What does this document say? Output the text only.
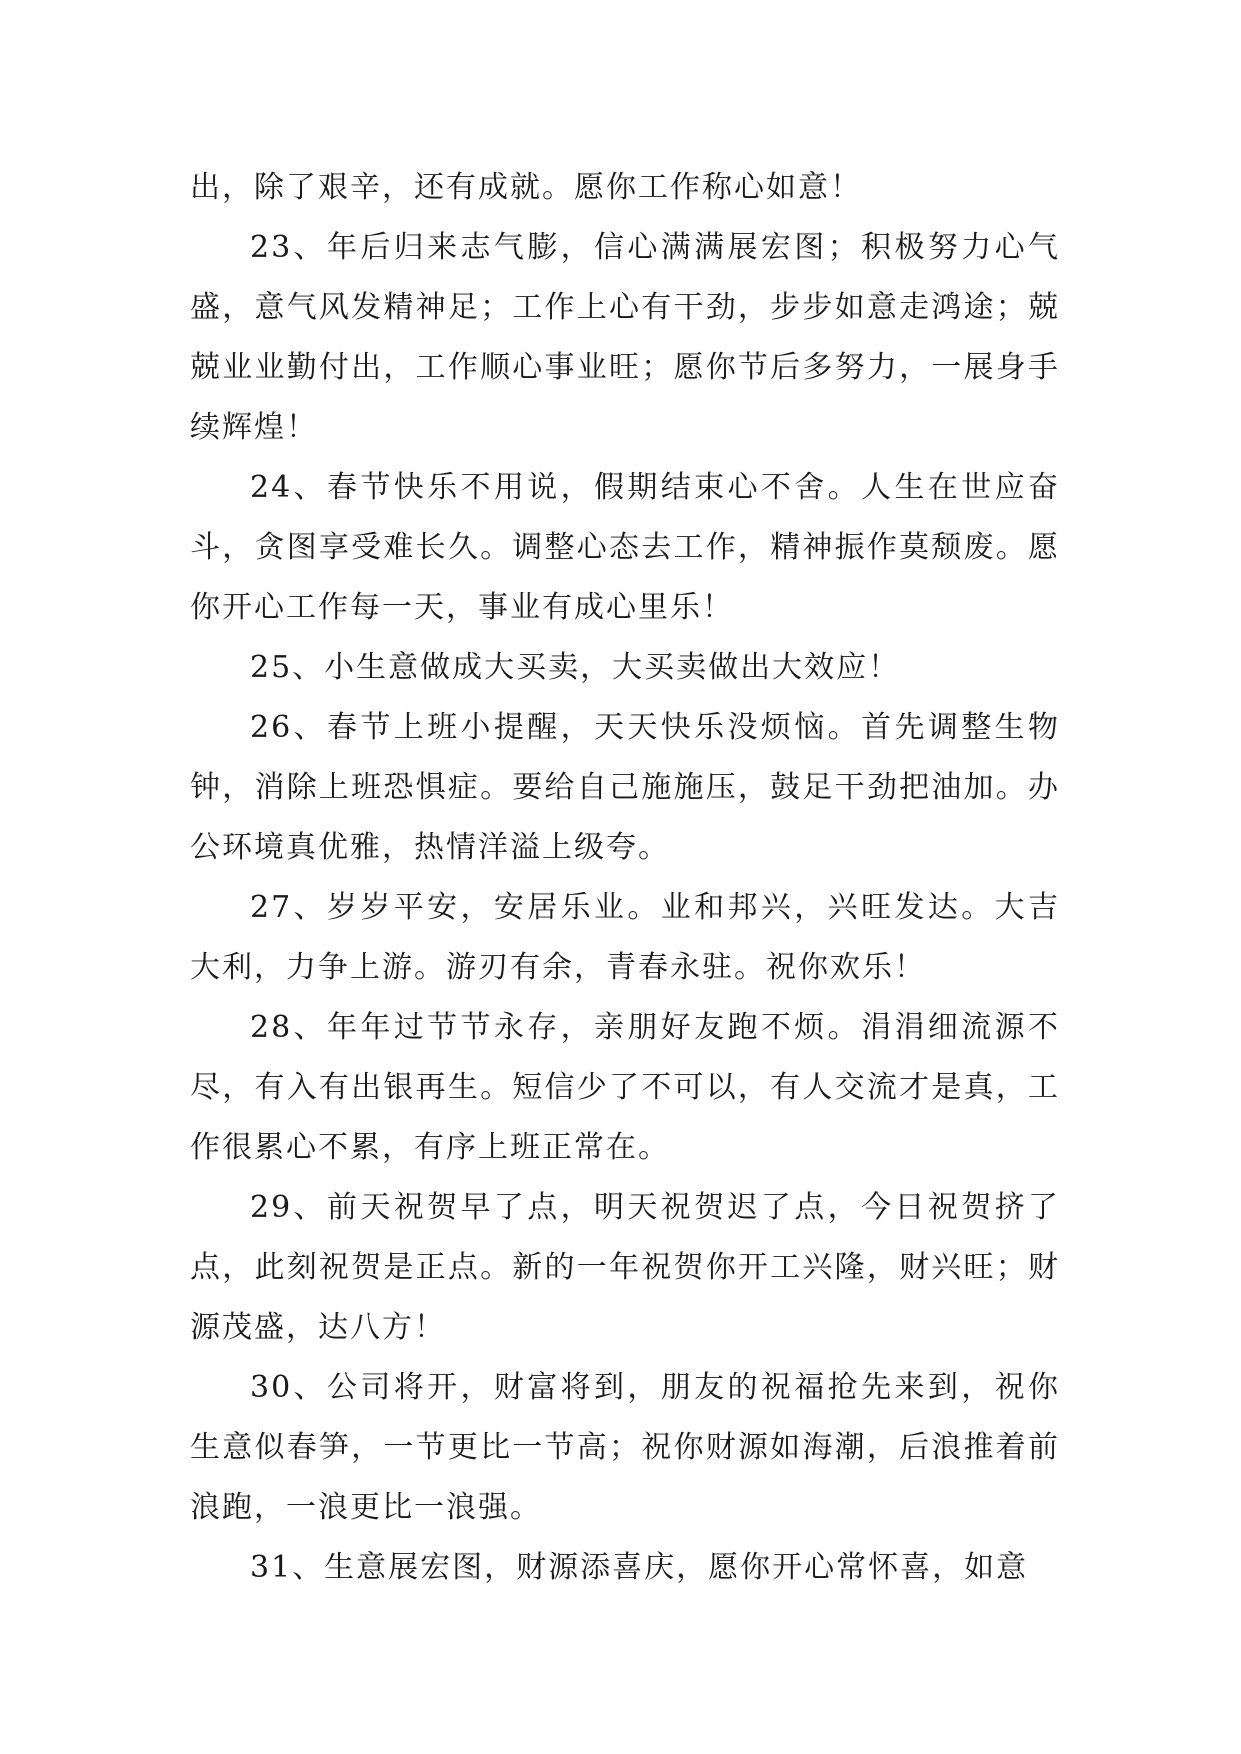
出，除了艰辛，还有成就。愿你工作称心如意！

23、年后归来志气膨，信心满满展宏图；积极努力心气盛，意气风发精神足；工作上心有干劲，步步如意走鸿途；兢兢业业勤付出，工作顺心事业旺；愿你节后多努力，一展身手续辉煌！

24、春节快乐不用说，假期结束心不舍。人生在世应奋斗，贪图享受难长久。调整心态去工作，精神振作莫颓废。愿你开心工作每一天，事业有成心里乐！

25、小生意做成大买卖，大买卖做出大效应！

26、春节上班小提醒，天天快乐没烦恼。首先调整生物钟，消除上班恐惧症。要给自己施施压，鼓足干劲把油加。办公环境真优雅，热情洋溢上级夸。

27、岁岁平安，安居乐业。业和邦兴，兴旺发达。大吉大利，力争上游。游刃有余，青春永驻。祝你欢乐！

28、年年过节节永存，亲朋好友跑不烦。涓涓细流源不尽，有入有出银再生。短信少了不可以，有人交流才是真，工作很累心不累，有序上班正常在。

29、前天祝贺早了点，明天祝贺迟了点，今日祝贺挤了点，此刻祝贺是正点。新的一年祝贺你开工兴隆，财兴旺；财源茂盛，达八方！

30、公司将开，财富将到，朋友的祝福抢先来到，祝你生意似春笋，一节更比一节高；祝你财源如海潮，后浪推着前浪跑，一浪更比一浪强。

31、生意展宏图，财源添喜庆，愿你开心常怀喜，如意
